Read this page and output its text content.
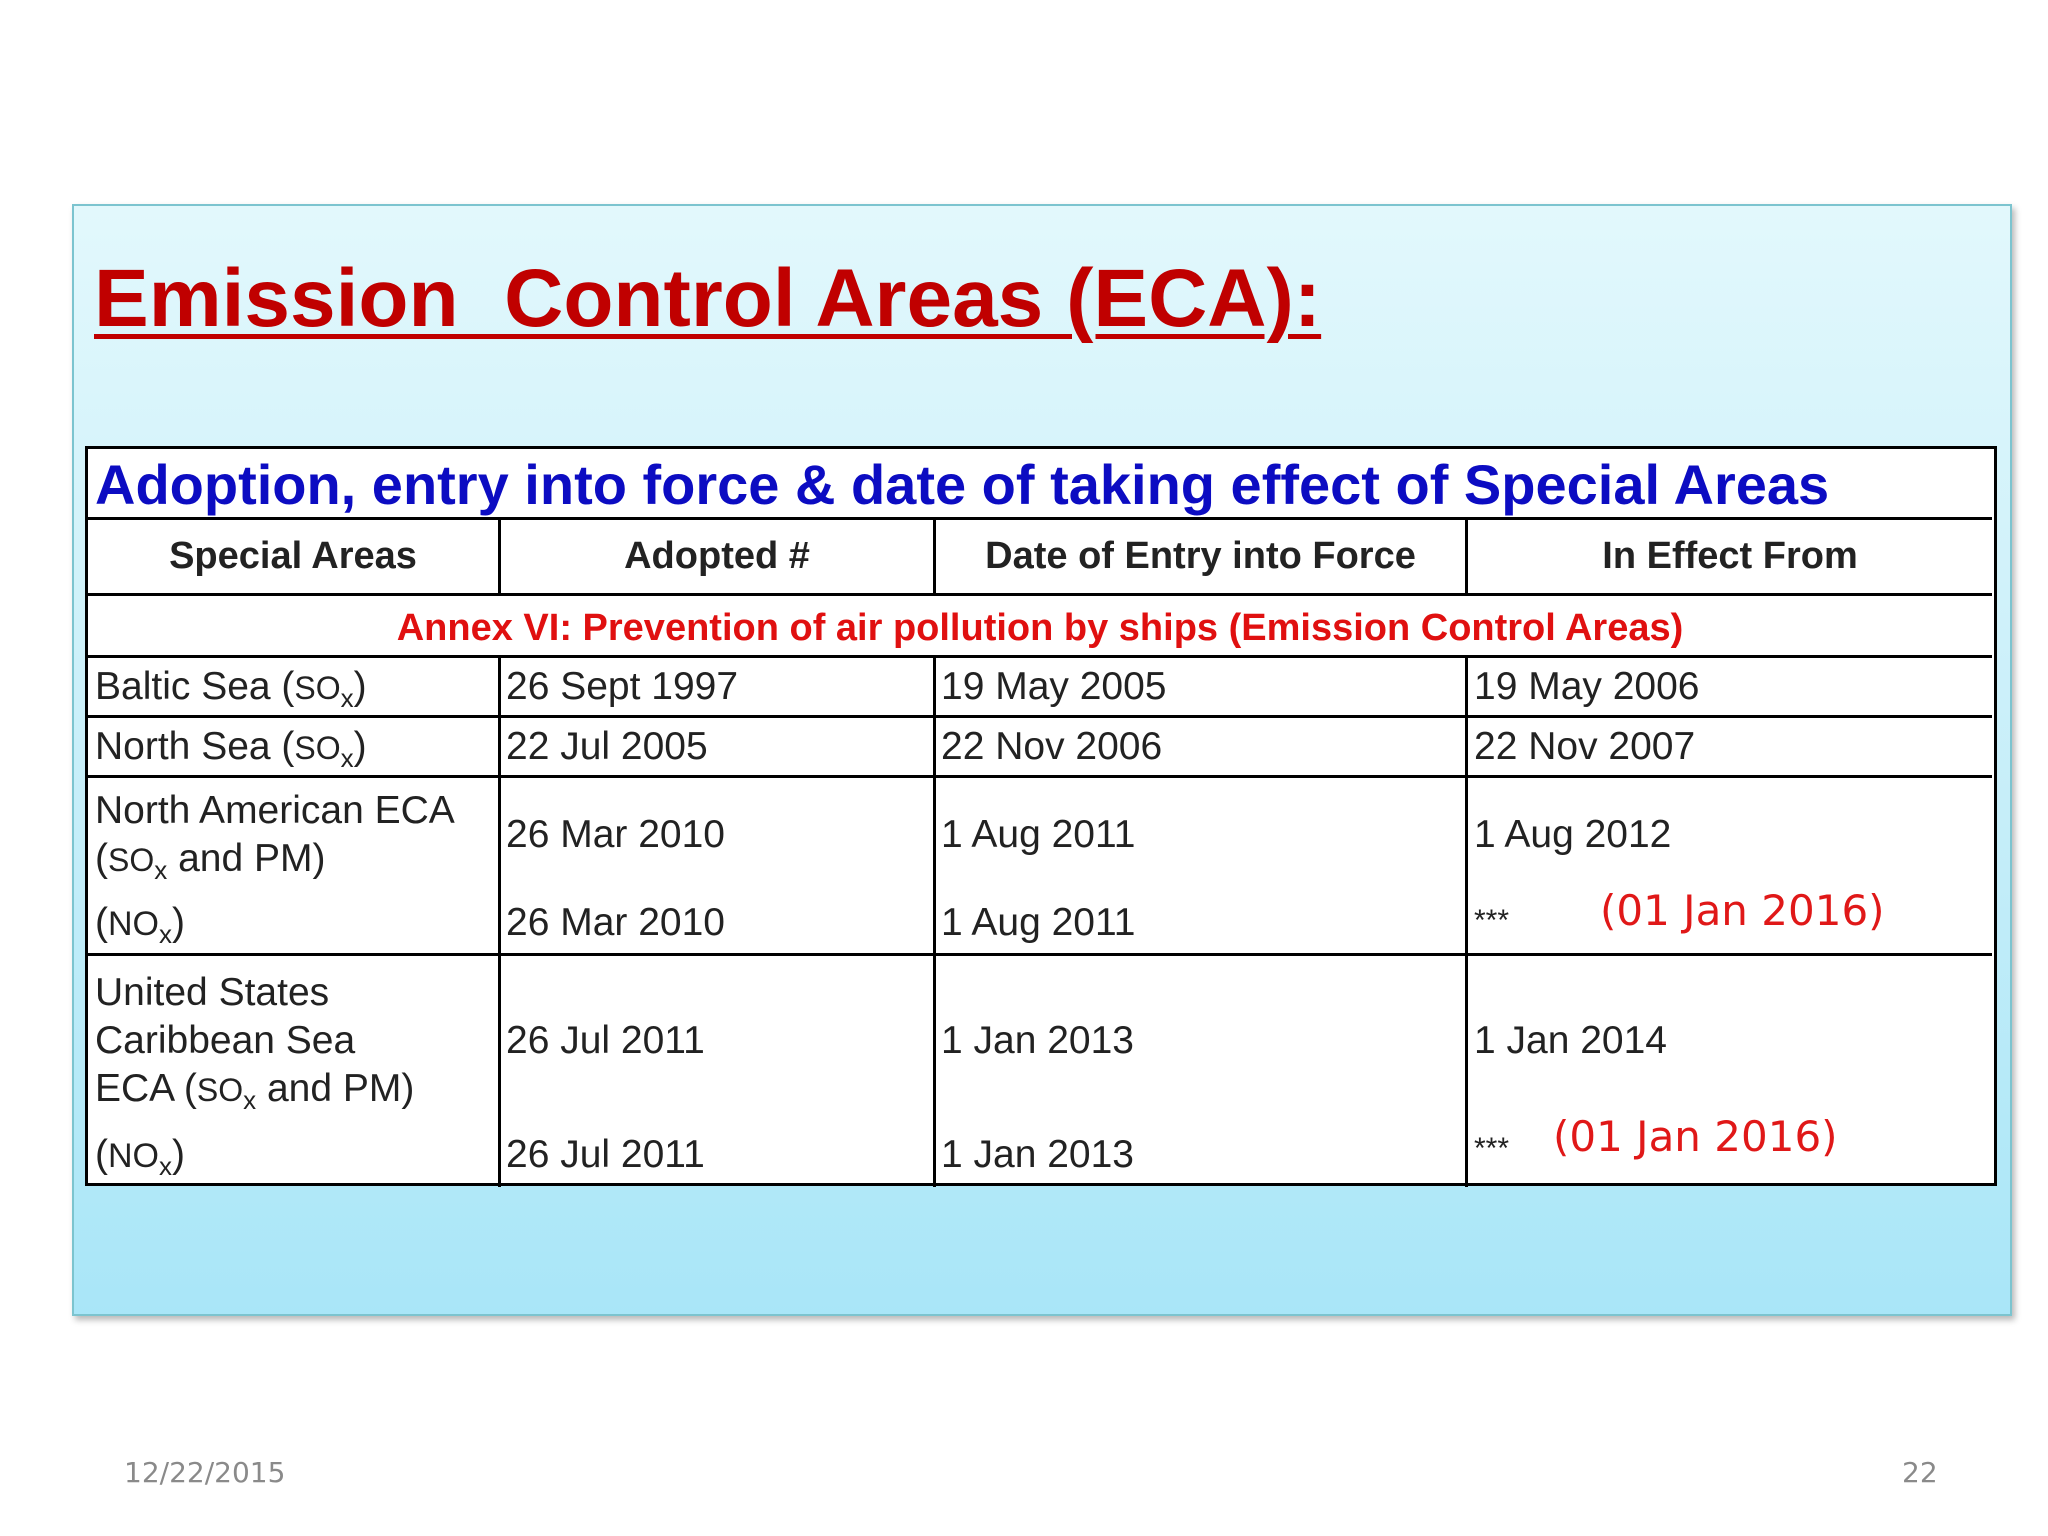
Emission  Control Areas (ECA):
Adoption, entry into force & date of taking effect of Special Areas
Special Areas	Adopted #	Date of Entry into Force	In Effect From
Annex VI: Prevention of air pollution by ships (Emission Control Areas)
Baltic Sea $(SO_x)$	26 Sept 1997	19 May 2005	19 May 2006
North Sea $(SO_x)$	22 Jul 2005	22 Nov 2006	22 Nov 2007
North American ECA
($SO_x$ and PM)
26 Mar 2010	1 Aug 2011	1 Aug 2012
$(NO_x)$	26 Mar 2010	1 Aug 2011	*** (01 Jan 2016)
United States
Caribbean Sea
ECA ($SO_x$ and PM)
26 Jul 2011	1 Jan 2013	1 Jan 2014
$(NO_x)$	26 Jul 2011	1 Jan 2013	*** (01 Jan 2016)
12/22/2015	22
